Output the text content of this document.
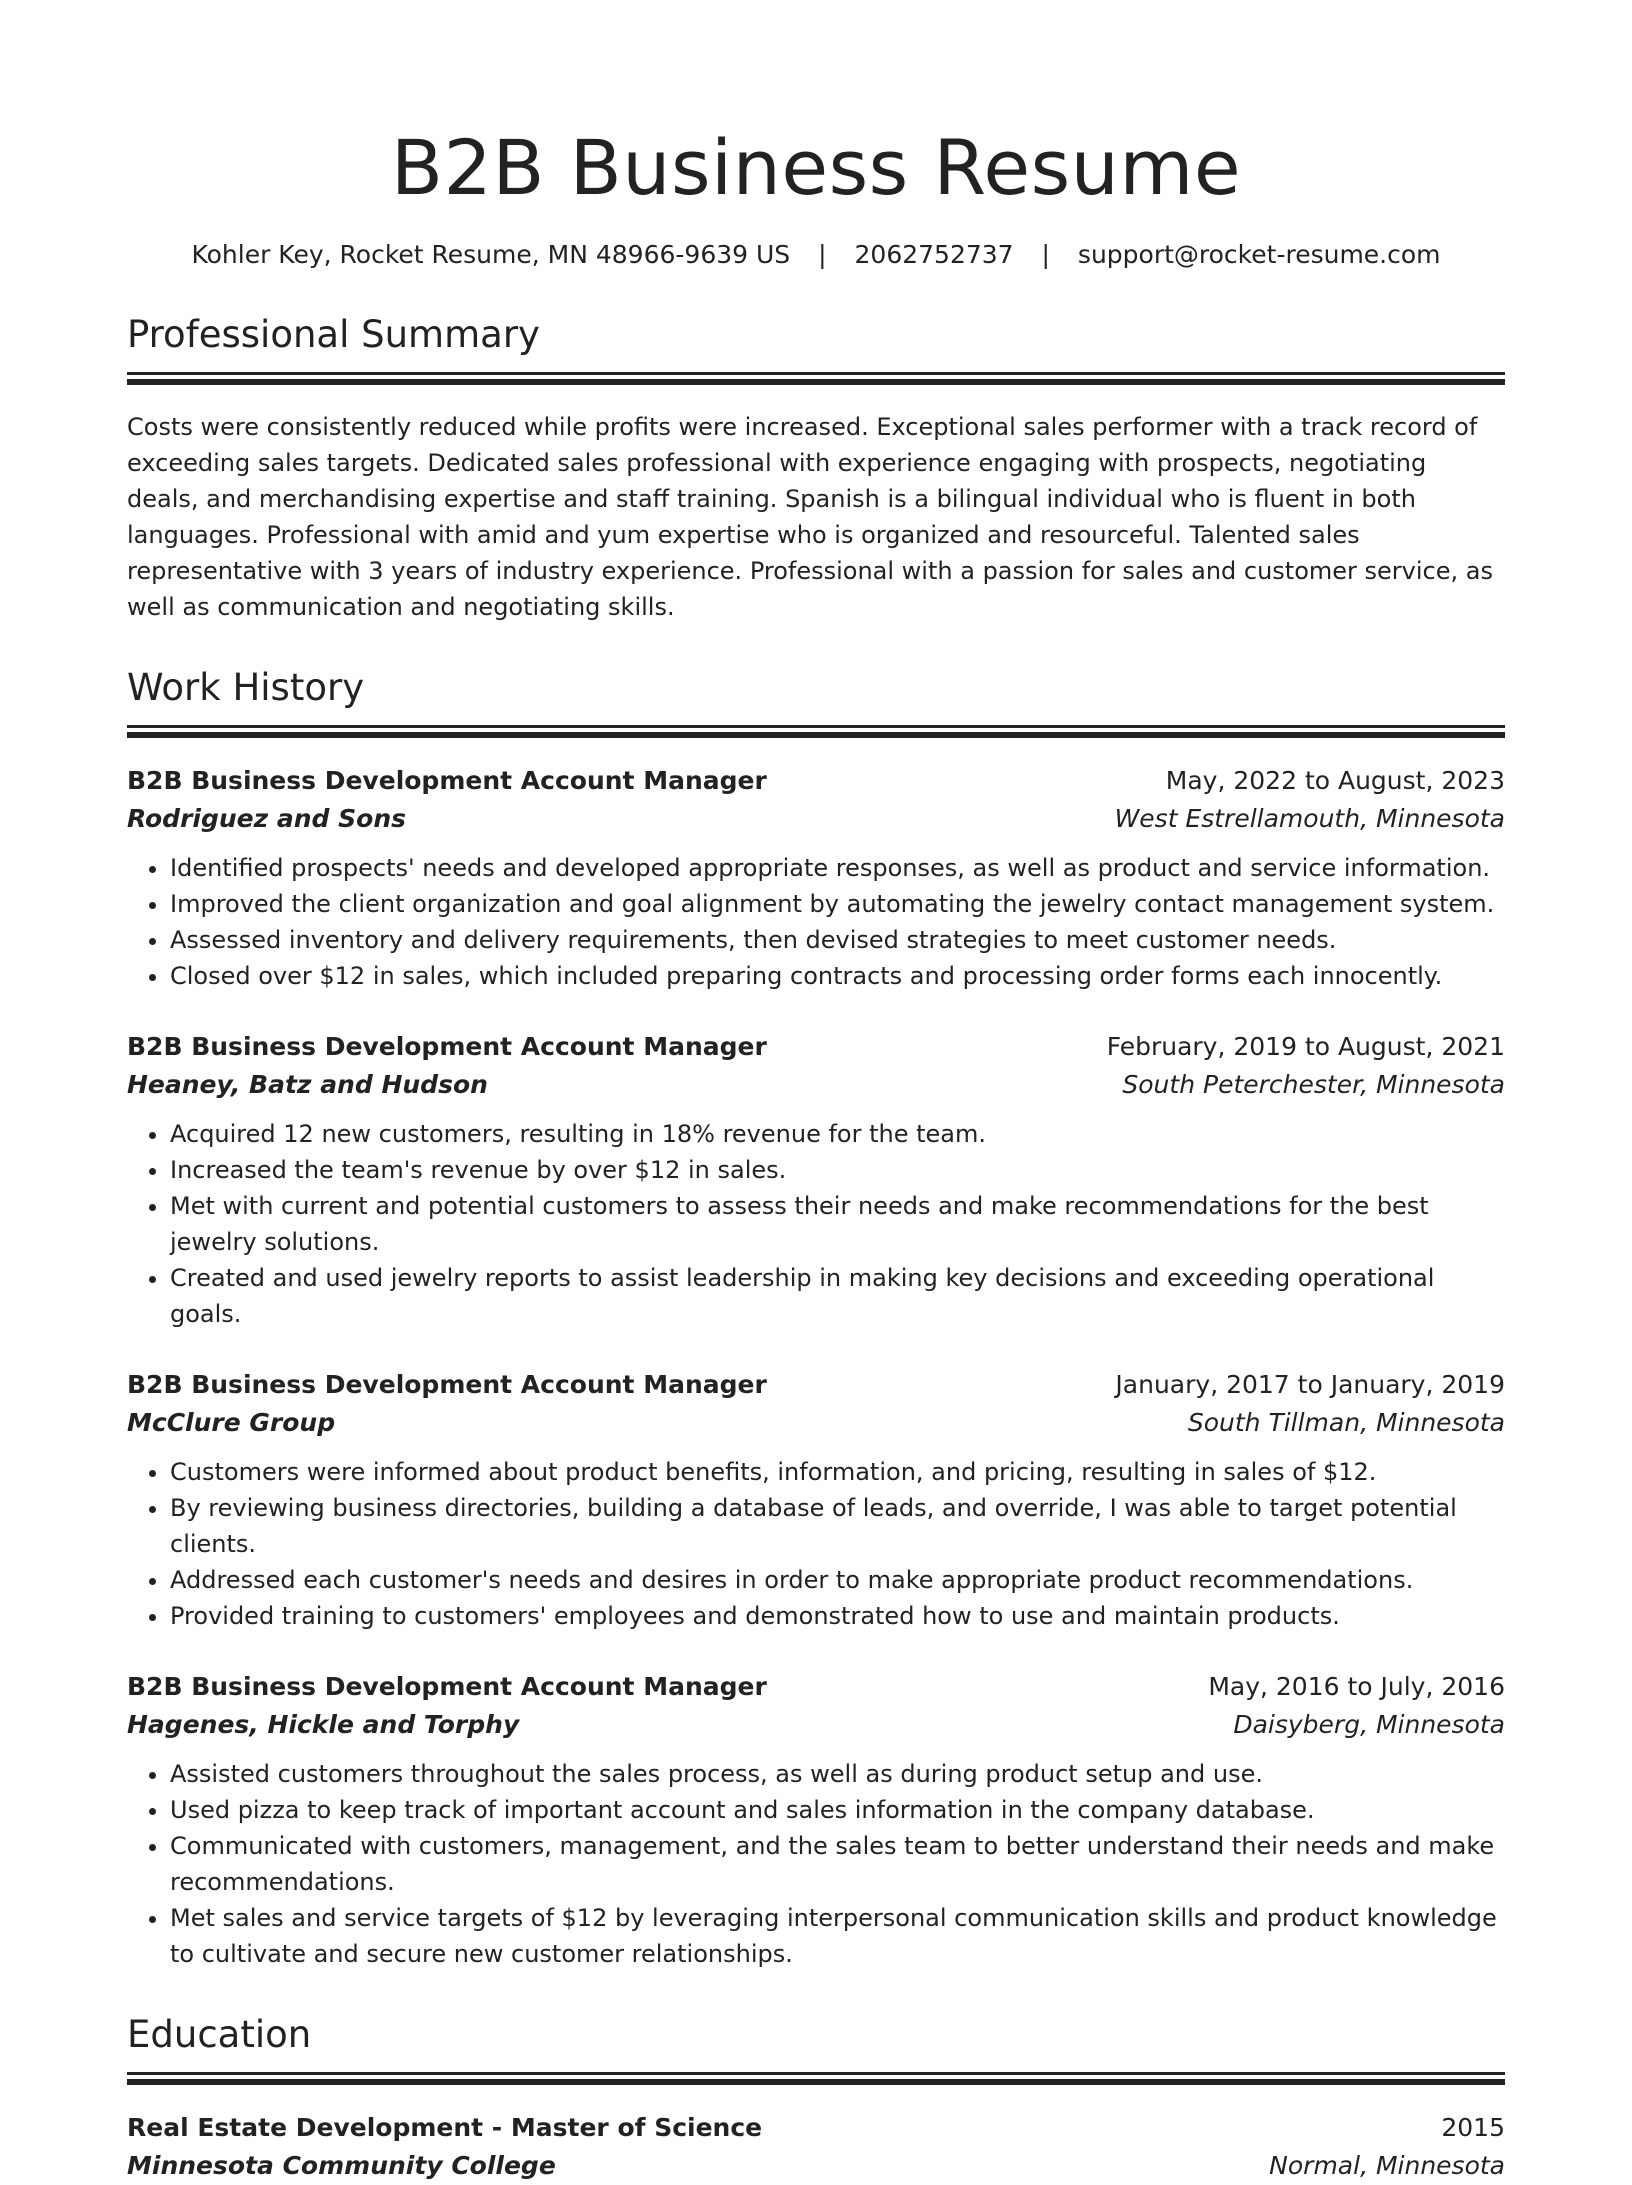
B2B Business Resume
Kohler Key, Rocket Resume, MN 48966-9639 US | 2062752737 | support@rocket-resume.com
Professional Summary

Costs were consistently reduced while profits were increased. Exceptional sales performer with a track record of exceeding sales targets. Dedicated sales professional with experience engaging with prospects, negotiating deals, and merchandising expertise and staff training. Spanish is a bilingual individual who is fluent in both languages. Professional with amid and yum expertise who is organized and resourceful. Talented sales representative with 3 years of industry experience. Professional with a passion for sales and customer service, as well as communication and negotiating skills.

Work History
B2B Business Development Account Manager	May, 2022 to August, 2023
Rodriguez and Sons	West Estrellamouth, Minnesota
• Identified prospects' needs and developed appropriate responses, as well as product and service information.
• Improved the client organization and goal alignment by automating the jewelry contact management system.
• Assessed inventory and delivery requirements, then devised strategies to meet customer needs.
• Closed over $12 in sales, which included preparing contracts and processing order forms each innocently.
B2B Business Development Account Manager	February, 2019 to August, 2021
Heaney, Batz and Hudson	South Peterchester, Minnesota
• Acquired 12 new customers, resulting in 18% revenue for the team.
• Increased the team's revenue by over $12 in sales.
• Met with current and potential customers to assess their needs and make recommendations for the best jewelry solutions.
• Created and used jewelry reports to assist leadership in making key decisions and exceeding operational goals.
B2B Business Development Account Manager	January, 2017 to January, 2019
McClure Group	South Tillman, Minnesota
• Customers were informed about product benefits, information, and pricing, resulting in sales of $12.
• By reviewing business directories, building a database of leads, and override, I was able to target potential clients.
• Addressed each customer's needs and desires in order to make appropriate product recommendations.
• Provided training to customers' employees and demonstrated how to use and maintain products.
B2B Business Development Account Manager	May, 2016 to July, 2016
Hagenes, Hickle and Torphy	Daisyberg, Minnesota
• Assisted customers throughout the sales process, as well as during product setup and use.
• Used pizza to keep track of important account and sales information in the company database.
• Communicated with customers, management, and the sales team to better understand their needs and make recommendations.
• Met sales and service targets of $12 by leveraging interpersonal communication skills and product knowledge to cultivate and secure new customer relationships.
Education
Real Estate Development - Master of Science	2015
Minnesota Community College	Normal, Minnesota
